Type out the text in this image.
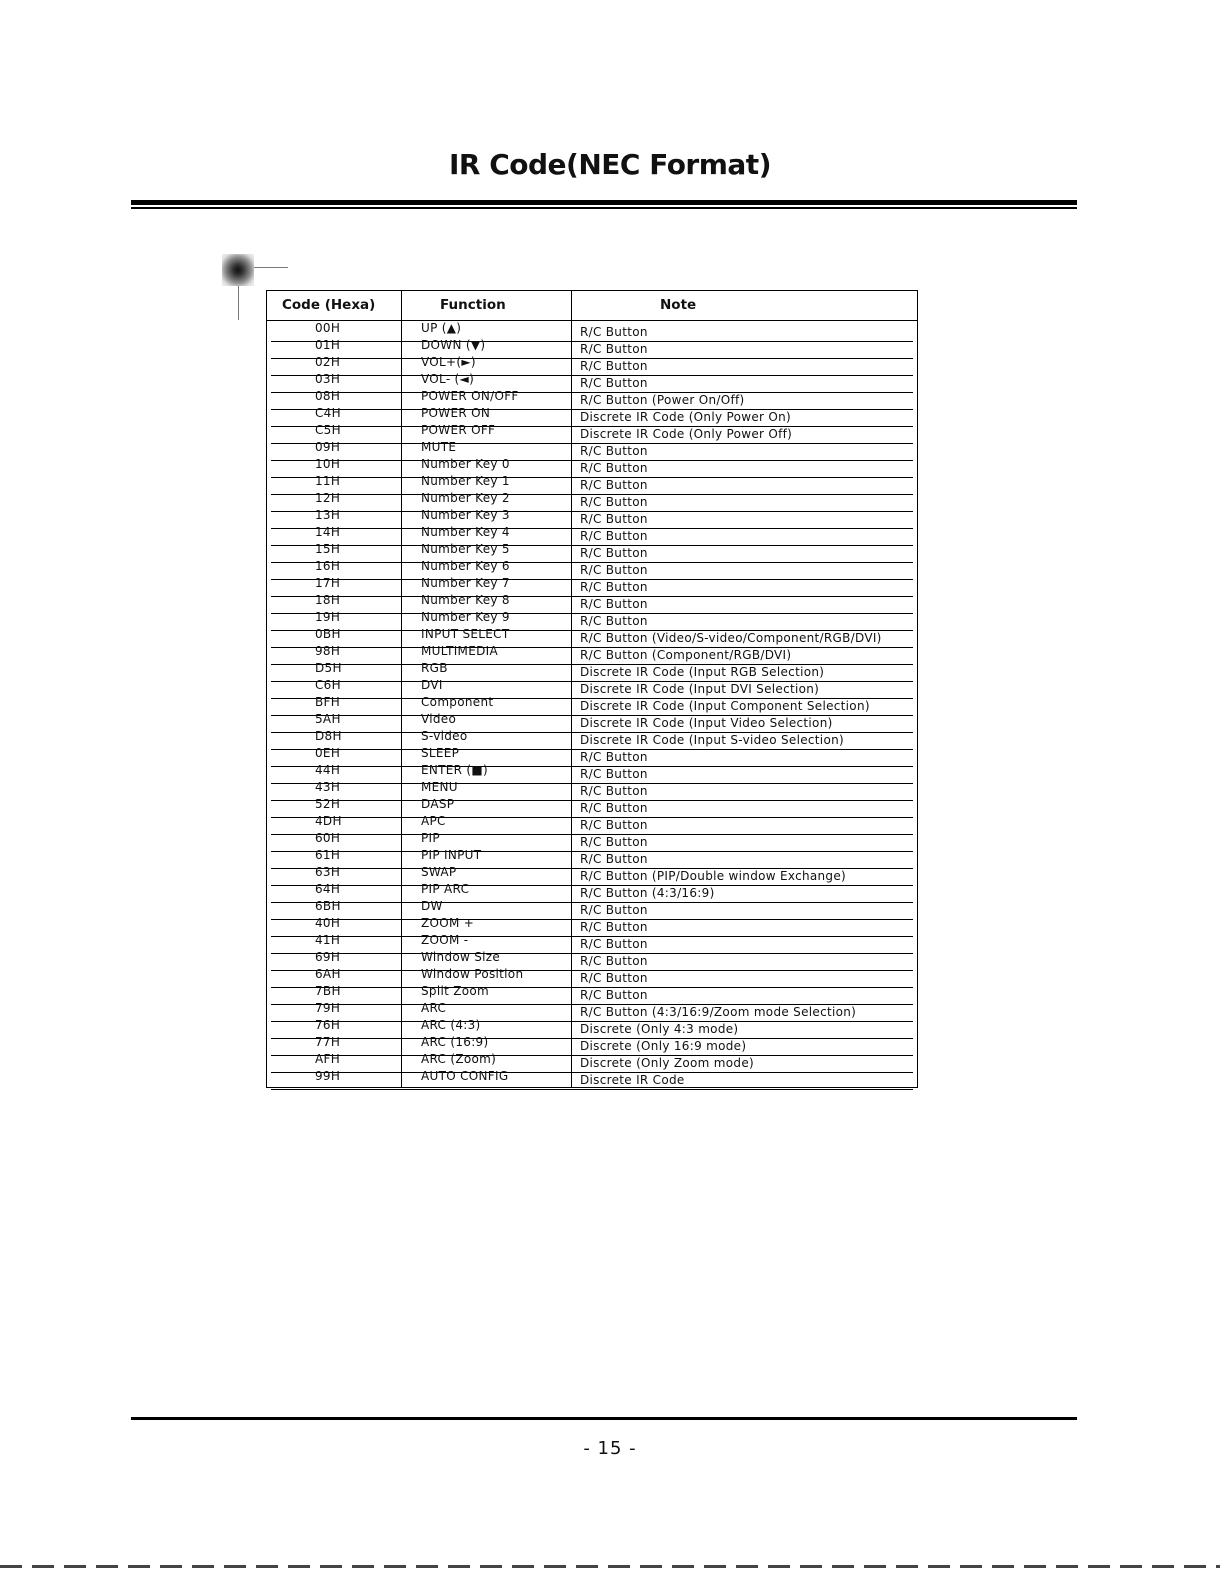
IR Code(NEC Format)
Code (Hexa)	Function	Note
00H	UP (▲)	R/C Button
01H	DOWN (▼)	R/C Button
02H	VOL+(►)	R/C Button
03H	VOL- (◄)	R/C Button
08H	POWER ON/OFF	R/C Button (Power On/Off)
C4H	POWER ON	Discrete IR Code (Only Power On)
C5H	POWER OFF	Discrete IR Code (Only Power Off)
09H	MUTE	R/C Button
10H	Number Key 0	R/C Button
11H	Number Key 1	R/C Button
12H	Number Key 2	R/C Button
13H	Number Key 3	R/C Button
14H	Number Key 4	R/C Button
15H	Number Key 5	R/C Button
16H	Number Key 6	R/C Button
17H	Number Key 7	R/C Button
18H	Number Key 8	R/C Button
19H	Number Key 9	R/C Button
0BH	INPUT SELECT	R/C Button (Video/S-video/Component/RGB/DVI)
98H	MULTIMEDIA	R/C Button (Component/RGB/DVI)
D5H	RGB	Discrete IR Code (Input RGB Selection)
C6H	DVI	Discrete IR Code (Input DVI Selection)
BFH	Component	Discrete IR Code (Input Component Selection)
5AH	Video	Discrete IR Code (Input Video Selection)
D8H	S-video	Discrete IR Code (Input S-video Selection)
0EH	SLEEP	R/C Button
44H	ENTER (■)	R/C Button
43H	MENU	R/C Button
52H	DASP	R/C Button
4DH	APC	R/C Button
60H	PIP	R/C Button
61H	PIP INPUT	R/C Button
63H	SWAP	R/C Button (PIP/Double window Exchange)
64H	PIP ARC	R/C Button (4:3/16:9)
6BH	DW	R/C Button
40H	ZOOM +	R/C Button
41H	ZOOM -	R/C Button
69H	Window Size	R/C Button
6AH	Window Position	R/C Button
7BH	Split Zoom	R/C Button
79H	ARC	R/C Button (4:3/16:9/Zoom mode Selection)
76H	ARC (4:3)	Discrete (Only 4:3 mode)
77H	ARC (16:9)	Discrete (Only 16:9 mode)
AFH	ARC (Zoom)	Discrete (Only Zoom mode)
99H	AUTO CONFIG	Discrete IR Code
- 15 -
